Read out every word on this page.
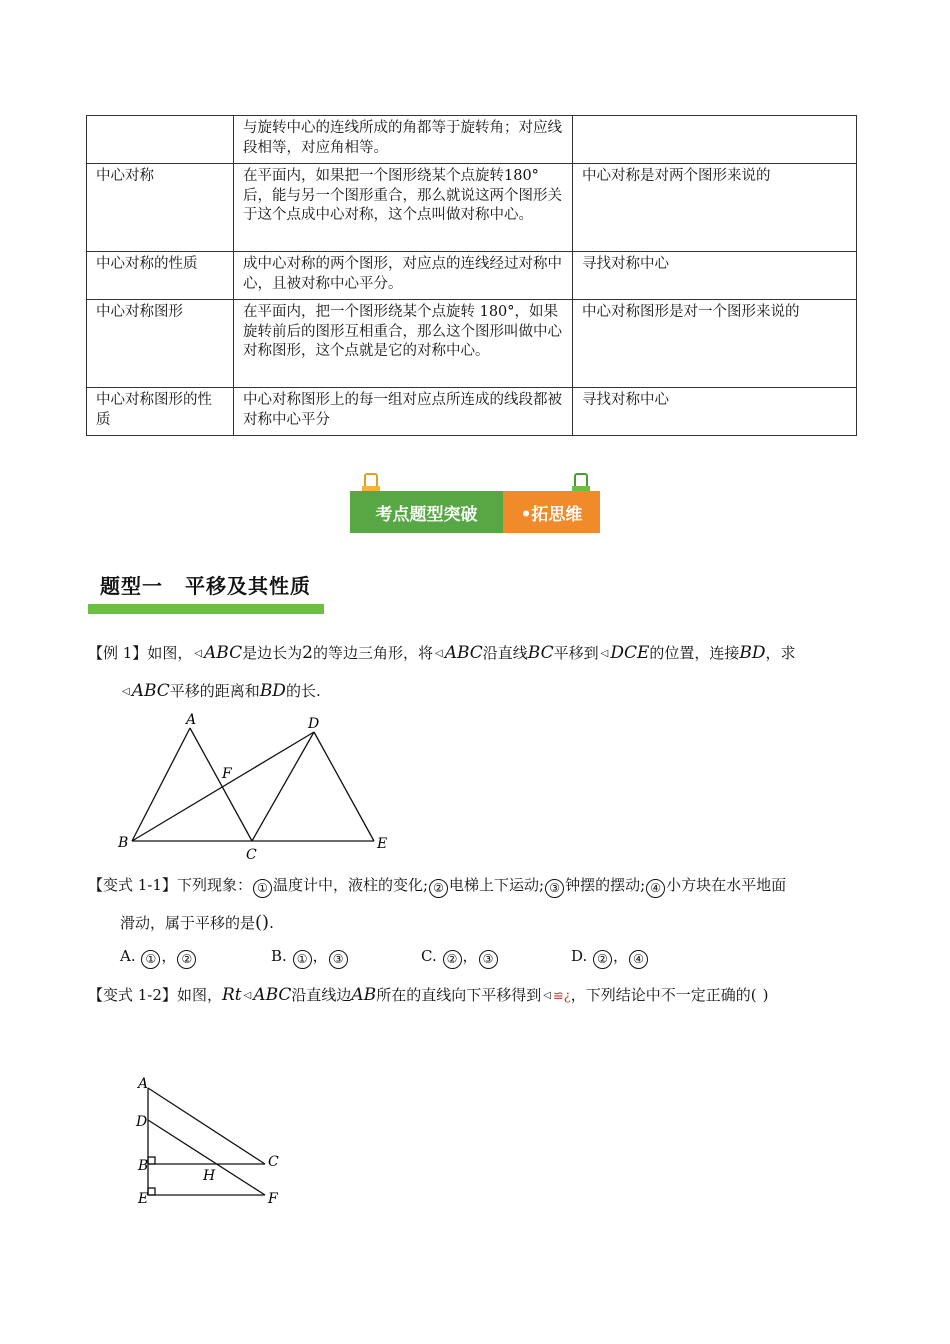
	与旋转中心的连线所成的角都等于旋转角；对应线段相等，对应角相等。	
中心对称	在平面内，如果把一个图形绕某个点旋转180°后，能与另一个图形重合，那么就说这两个图形关于这个点成中心对称，这个点叫做对称中心。	中心对称是对两个图形来说的
中心对称的性质	成中心对称的两个图形，对应点的连线经过对称中心，且被对称中心平分。	寻找对称中心
中心对称图形	在平面内，把一个图形绕某个点旋转 180°，如果旋转前后的图形互相重合，那么这个图形叫做中心对称图形，这个点就是它的对称中心。	中心对称图形是对一个图形来说的
中心对称图形的性质	中心对称图形上的每一组对应点所连成的线段都被对称中心平分	寻找对称中心
考点题型突破	•拓思维
题型一 平移及其性质
【例 1】如图， ◁ ABC是边长为2的等边三角形，将 ◁ ABC沿直线BC平移到 ◁ DCE的位置，连接BD，求
◁ ABC平移的距离和BD的长.
A	D
F
B
C
E
【变式 1-1】下列现象： ① 温度计中，液柱的变化; ② 电梯上下运动; ③ 钟摆的摆动; ④ 小方块在水平地面
滑动，属于平移的是().
A. ① ， ②	B. ① ， ③	C. ② ， ③	D. ② ， ④
【变式 1-2】如图，Rt ◁ ABC沿直线边AB所在的直线向下平移得到 ◁ ≌¿，下列结论中不一定正确的( )
A
D
B
E
C
F
H
